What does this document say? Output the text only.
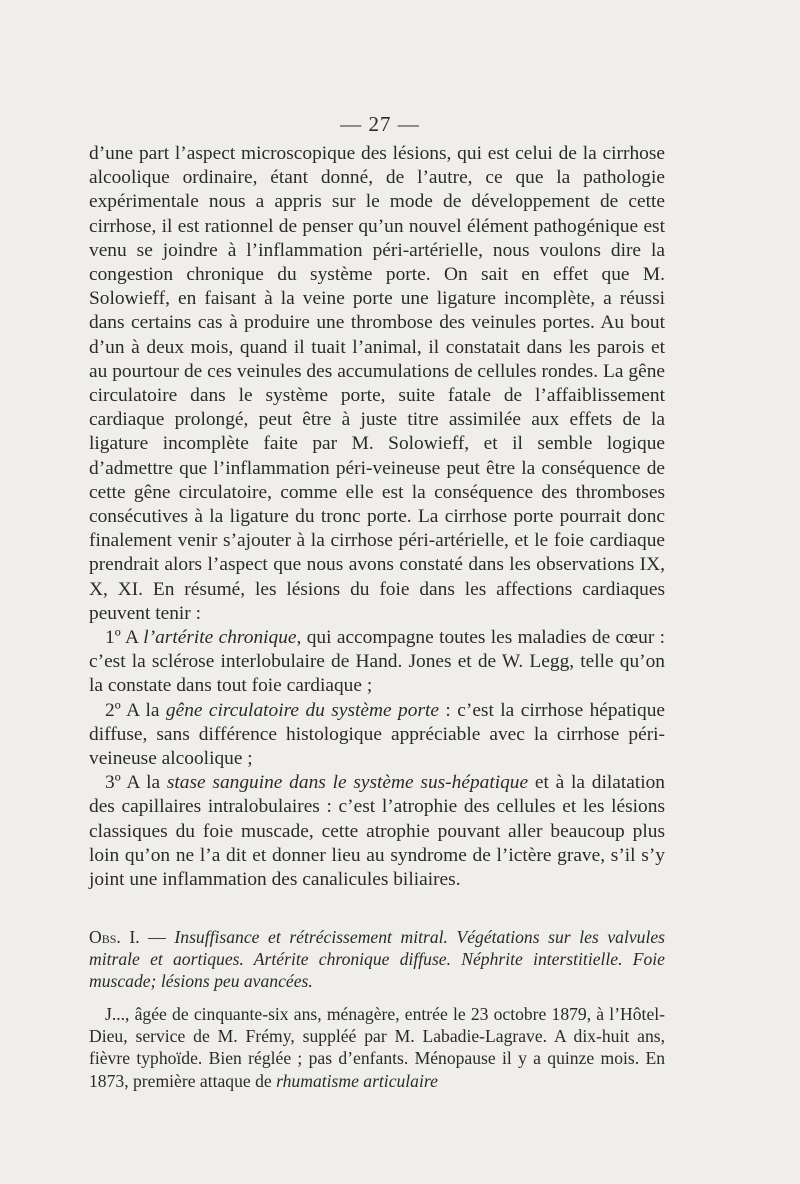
— 27 —

d’une part l’aspect microscopique des lésions, qui est celui de la cirrhose alcoolique ordinaire, étant donné, de l’autre, ce que la pathologie expérimentale nous a appris sur le mode de développement de cette cirrhose, il est rationnel de penser qu’un nouvel élément pathogénique est venu se joindre à l’inflammation péri-artérielle, nous voulons dire la congestion chronique du système porte. On sait en effet que M. Solowieff, en faisant à la veine porte une ligature incomplète, a réussi dans certains cas à produire une thrombose des veinules portes. Au bout d’un à deux mois, quand il tuait l’animal, il constatait dans les parois et au pourtour de ces veinules des accumulations de cellules rondes. La gêne circulatoire dans le système porte, suite fatale de l’affaiblissement cardiaque prolongé, peut être à juste titre assimilée aux effets de la ligature incomplète faite par M. Solowieff, et il semble logique d’admettre que l’inflammation péri-veineuse peut être la conséquence de cette gêne circulatoire, comme elle est la conséquence des thromboses consécutives à la ligature du tronc porte. La cirrhose porte pourrait donc finalement venir s’ajouter à la cirrhose péri-artérielle, et le foie cardiaque prendrait alors l’aspect que nous avons constaté dans les observations IX, X, XI. En résumé, les lésions du foie dans les affections cardiaques peuvent tenir :

1º A l’artérite chronique, qui accompagne toutes les maladies de cœur : c’est la sclérose interlobulaire de Hand. Jones et de W. Legg, telle qu’on la constate dans tout foie cardiaque ;

2º A la gêne circulatoire du système porte : c’est la cirrhose hépatique diffuse, sans différence histologique appréciable avec la cirrhose péri-veineuse alcoolique ;

3º A la stase sanguine dans le système sus-hépatique et à la dilatation des capillaires intralobulaires : c’est l’atrophie des cellules et les lésions classiques du foie muscade, cette atrophie pouvant aller beaucoup plus loin qu’on ne l’a dit et donner lieu au syndrome de l’ictère grave, s’il s’y joint une inflammation des canalicules biliaires.

Obs. I. — Insuffisance et rétrécissement mitral. Végétations sur les valvules mitrale et aortiques. Artérite chronique diffuse. Néphrite interstitielle. Foie muscade; lésions peu avancées.

J..., âgée de cinquante-six ans, ménagère, entrée le 23 octobre 1879, à l’Hôtel-Dieu, service de M. Frémy, suppléé par M. Labadie-Lagrave. A dix-huit ans, fièvre typhoïde. Bien réglée ; pas d’enfants. Ménopause il y a quinze mois. En 1873, première attaque de rhumatisme articulaire
